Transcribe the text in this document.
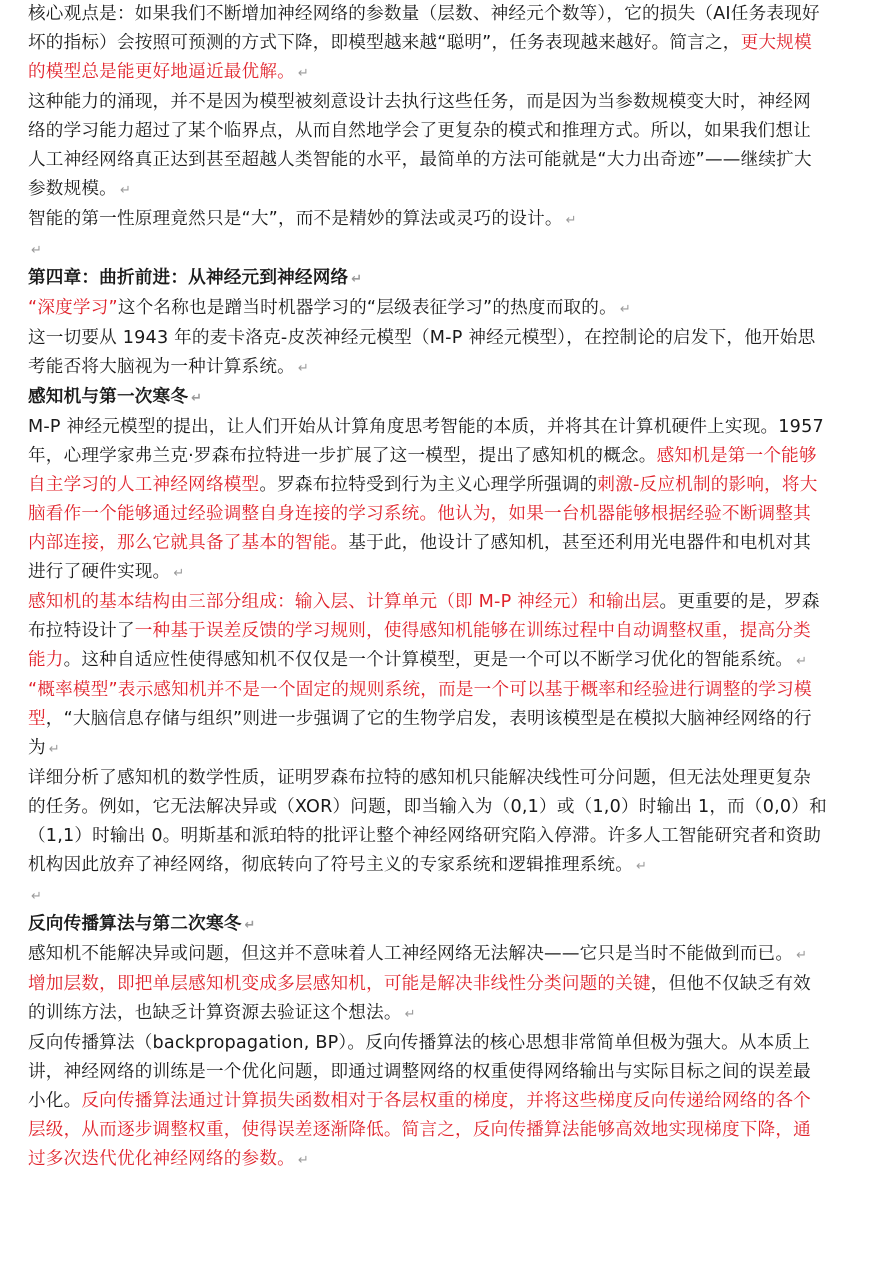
核心观点是：如果我们不断增加神经网络的参数量（层数、神经元个数等），它的损失（AI任务表现好坏的指标）会按照可预测的方式下降，即模型越来越“聪明”，任务表现越来越好。简言之，更大规模的模型总是能更好地逼近最优解。 ↵

这种能力的涌现，并不是因为模型被刻意设计去执行这些任务，而是因为当参数规模变大时，神经网络的学习能力超过了某个临界点，从而自然地学会了更复杂的模式和推理方式。所以，如果我们想让人工神经网络真正达到甚至超越人类智能的水平，最简单的方法可能就是“大力出奇迹”——继续扩大参数规模。 ↵

智能的第一性原理竟然只是“大”，而不是精妙的算法或灵巧的设计。 ↵

↵

第四章：曲折前进：从神经元到神经网络 ↵

“深度学习”这个名称也是蹭当时机器学习的“层级表征学习”的热度而取的。 ↵

这一切要从 1943 年的麦卡洛克-皮茨神经元模型（M-P 神经元模型），在控制论的启发下，他开始思考能否将大脑视为一种计算系统。 ↵

感知机与第一次寒冬 ↵

M-P 神经元模型的提出，让人们开始从计算角度思考智能的本质，并将其在计算机硬件上实现。1957 年，心理学家弗兰克·罗森布拉特进一步扩展了这一模型，提出了感知机的概念。感知机是第一个能够自主学习的人工神经网络模型。罗森布拉特受到行为主义心理学所强调的刺激-反应机制的影响，将大脑看作一个能够通过经验调整自身连接的学习系统。他认为，如果一台机器能够根据经验不断调整其内部连接，那么它就具备了基本的智能。基于此，他设计了感知机，甚至还利用光电器件和电机对其进行了硬件实现。 ↵

感知机的基本结构由三部分组成：输入层、计算单元（即 M-P 神经元）和输出层。更重要的是，罗森布拉特设计了一种基于误差反馈的学习规则，使得感知机能够在训练过程中自动调整权重，提高分类能力。这种自适应性使得感知机不仅仅是一个计算模型，更是一个可以不断学习优化的智能系统。 ↵

“概率模型”表示感知机并不是一个固定的规则系统，而是一个可以基于概率和经验进行调整的学习模型，“大脑信息存储与组织”则进一步强调了它的生物学启发，表明该模型是在模拟大脑神经网络的行为 ↵

详细分析了感知机的数学性质，证明罗森布拉特的感知机只能解决线性可分问题，但无法处理更复杂的任务。例如，它无法解决异或（XOR）问题，即当输入为（0,1）或（1,0）时输出 1，而（0,0）和（1,1）时输出 0。明斯基和派珀特的批评让整个神经网络研究陷入停滞。许多人工智能研究者和资助机构因此放弃了神经网络，彻底转向了符号主义的专家系统和逻辑推理系统。 ↵

↵

反向传播算法与第二次寒冬 ↵

感知机不能解决异或问题，但这并不意味着人工神经网络无法解决——它只是当时不能做到而已。 ↵

增加层数，即把单层感知机变成多层感知机，可能是解决非线性分类问题的关键，但他不仅缺乏有效的训练方法，也缺乏计算资源去验证这个想法。 ↵

反向传播算法（backpropagation, BP）。反向传播算法的核心思想非常简单但极为强大。从本质上讲，神经网络的训练是一个优化问题，即通过调整网络的权重使得网络输出与实际目标之间的误差最小化。反向传播算法通过计算损失函数相对于各层权重的梯度，并将这些梯度反向传递给网络的各个层级，从而逐步调整权重，使得误差逐渐降低。简言之，反向传播算法能够高效地实现梯度下降，通过多次迭代优化神经网络的参数。 ↵
